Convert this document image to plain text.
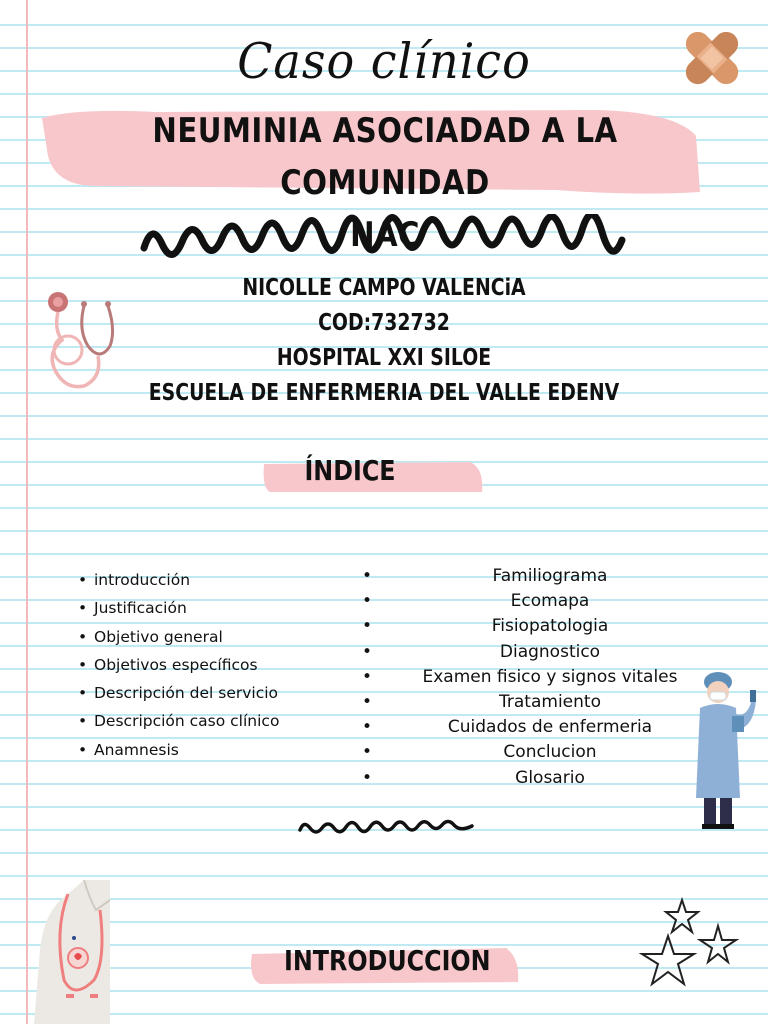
Caso clínico
NEUMINIA ASOCIADAD A LA COMUNIDAD
NAC
NICOLLE CAMPO VALENCiA
COD:732732
HOSPITAL XXI SILOE
ESCUELA DE ENFERMERIA DEL VALLE EDENV
ÍNDICE
• introducción
• Justificación
• Objetivo general
• Objetivos específicos
• Descripción del servicio
• Descripción caso clínico
• Anamnesis
• Familiograma
• Ecomapa
• Fisiopatologia
• Diagnostico
• Examen fisico y signos vitales
• Tratamiento
• Cuidados de enfermeria
• Conclucion
• Glosario
INTRODUCCION
